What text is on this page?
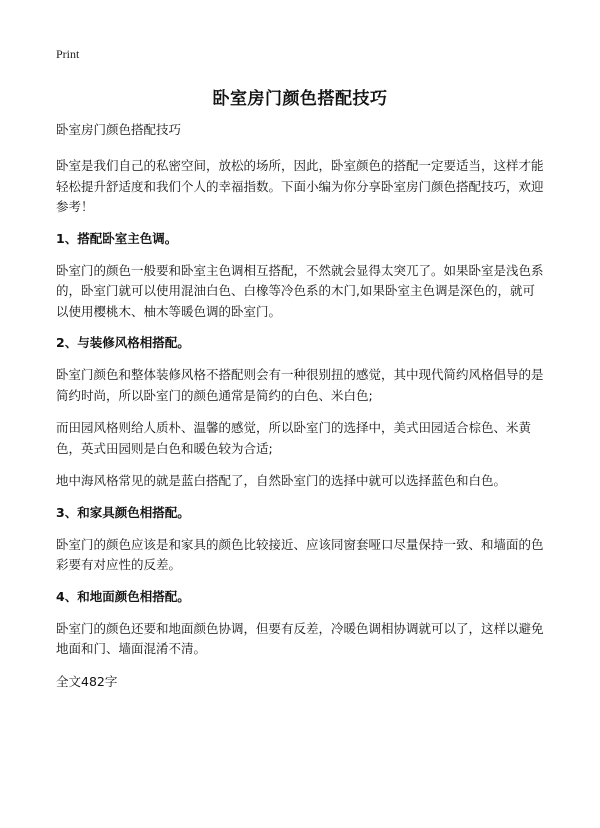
Print
卧室房门颜色搭配技巧
卧室房门颜色搭配技巧

卧室是我们自己的私密空间，放松的场所，因此，卧室颜色的搭配一定要适当，这样才能轻松提升舒适度和我们个人的幸福指数。下面小编为你分享卧室房门颜色搭配技巧，欢迎参考！

1、搭配卧室主色调。

卧室门的颜色一般要和卧室主色调相互搭配，不然就会显得太突兀了。如果卧室是浅色系的，卧室门就可以使用混油白色、白橡等冷色系的木门,如果卧室主色调是深色的，就可以使用樱桃木、柚木等暖色调的卧室门。

2、与装修风格相搭配。

卧室门颜色和整体装修风格不搭配则会有一种很别扭的感觉，其中现代简约风格倡导的是简约时尚，所以卧室门的颜色通常是简约的白色、米白色;

而田园风格则给人质朴、温馨的感觉，所以卧室门的选择中，美式田园适合棕色、米黄色，英式田园则是白色和暖色较为合适;

地中海风格常见的就是蓝白搭配了，自然卧室门的选择中就可以选择蓝色和白色。

3、和家具颜色相搭配。

卧室门的颜色应该是和家具的颜色比较接近、应该同窗套哑口尽量保持一致、和墙面的色彩要有对应性的反差。

4、和地面颜色相搭配。

卧室门的颜色还要和地面颜色协调，但要有反差，冷暖色调相协调就可以了，这样以避免地面和门、墙面混淆不清。

全文482字
